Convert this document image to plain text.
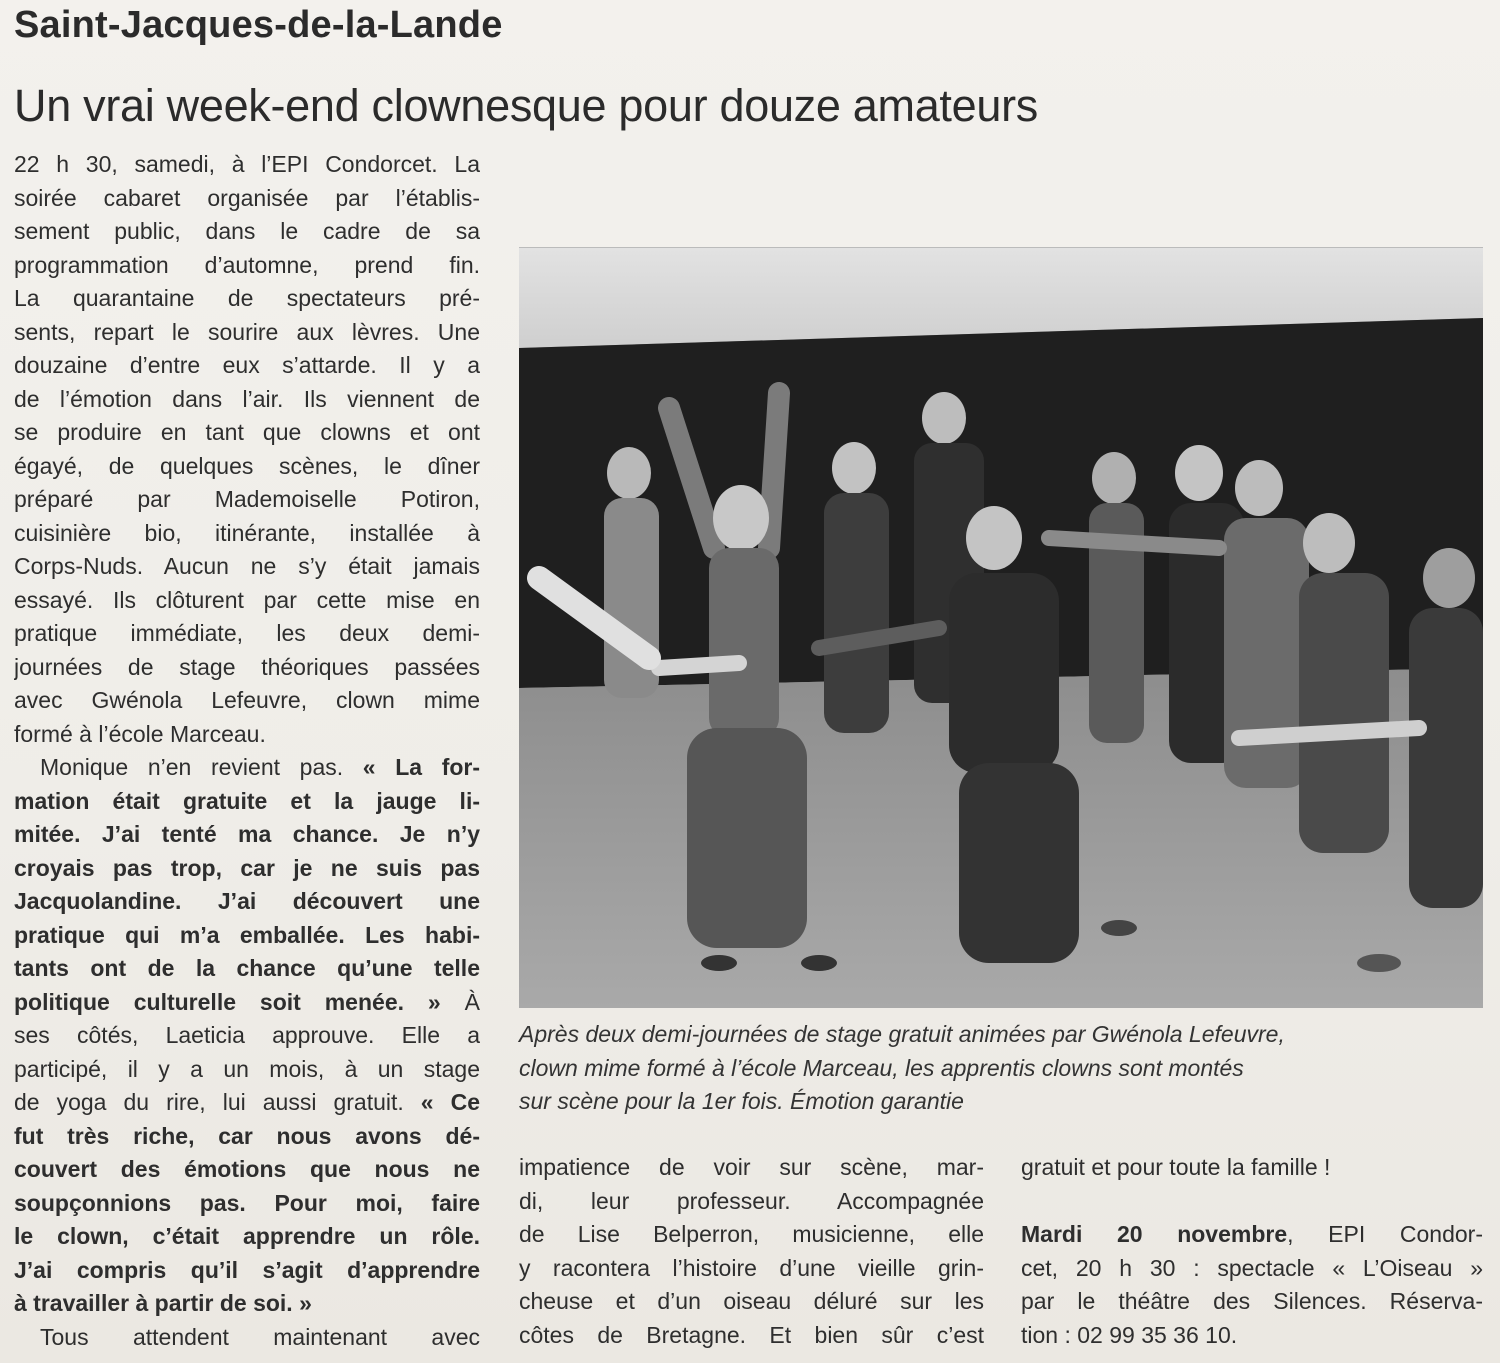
Saint-Jacques-de-la-Lande
Un vrai week-end clownesque pour douze amateurs
22 h 30, samedi, à l’EPI Condorcet. La
soirée cabaret organisée par l’établis-
sement public, dans le cadre de sa
programmation d’automne, prend fin.
La quarantaine de spectateurs pré-
sents, repart le sourire aux lèvres. Une
douzaine d’entre eux s’attarde. Il y a
de l’émotion dans l’air. Ils viennent de
se produire en tant que clowns et ont
égayé, de quelques scènes, le dîner
préparé par Mademoiselle Potiron,
cuisinière bio, itinérante, installée à
Corps-Nuds. Aucun ne s’y était jamais
essayé. Ils clôturent par cette mise en
pratique immédiate, les deux demi-
journées de stage théoriques passées
avec Gwénola Lefeuvre, clown mime
formé à l’école Marceau.
Monique n’en revient pas. « La for-
mation était gratuite et la jauge li-
mitée. J’ai tenté ma chance. Je n’y
croyais pas trop, car je ne suis pas
Jacquolandine. J’ai découvert une
pratique qui m’a emballée. Les habi-
tants ont de la chance qu’une telle
politique culturelle soit menée. » À
ses côtés, Laeticia approuve. Elle a
participé, il y a un mois, à un stage
de yoga du rire, lui aussi gratuit. « Ce
fut très riche, car nous avons dé-
couvert des émotions que nous ne
soupçonnions pas. Pour moi, faire
le clown, c’était apprendre un rôle.
J’ai compris qu’il s’agit d’apprendre
à travailler à partir de soi. »
Tous attendent maintenant avec
Après deux demi-journées de stage gratuit animées par Gwénola Lefeuvre,
clown mime formé à l’école Marceau, les apprentis clowns sont montés
sur scène pour la 1er fois. Émotion garantie
impatience de voir sur scène, mar-
di, leur professeur. Accompagnée
de Lise Belperron, musicienne, elle
y racontera l’histoire d’une vieille grin-
cheuse et d’un oiseau déluré sur les
côtes de Bretagne. Et bien sûr c’est
gratuit et pour toute la famille !
Mardi 20 novembre, EPI Condor-
cet, 20 h 30 : spectacle « L’Oiseau »
par le théâtre des Silences. Réserva-
tion : 02 99 35 36 10.
